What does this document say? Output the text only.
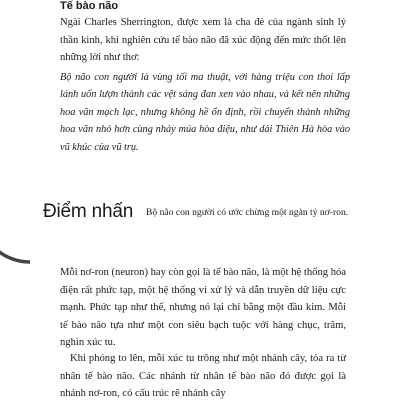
Tế bào não

Ngài Charles Sherrington, được xem là cha đẻ của ngành sinh lý thần kinh, khi nghiên cứu tế bào não đã xúc động đến mức thốt lên những lời như thơ:

Bộ não con người là vùng tối ma thuật, với hàng triệu con thoi lấp lánh uốn lượn thành các vệt sáng đan xen vào nhau, và kết nên những hoa văn mạch lạc, nhưng không hề ổn định, rồi chuyển thành những hoa văn nhỏ hơn cùng nhảy múa hòa điệu, như dải Thiên Hà hòa vào vũ khúc của vũ trụ.

Điểm nhấn Bộ não con người có ước chừng một ngàn tỷ nơ-ron.

Mỗi nơ-ron (neuron) hay còn gọi là tế bào não, là một hệ thống hóa điện rất phức tạp, một hệ thống vi xử lý và dẫn truyền dữ liệu cực mạnh. Phức tạp như thế, nhưng nó lại chỉ bằng một đầu kim. Mỗi tế bào não tựa như một con siêu bạch tuộc với hàng chục, trăm, nghìn xúc tu.

Khi phóng to lên, mỗi xúc tu trông như một nhánh cây, tỏa ra từ nhân tế bào não. Các nhánh từ nhân tế bào não đó được gọi là nhánh nơ-ron, có cấu trúc rẽ nhánh cây
